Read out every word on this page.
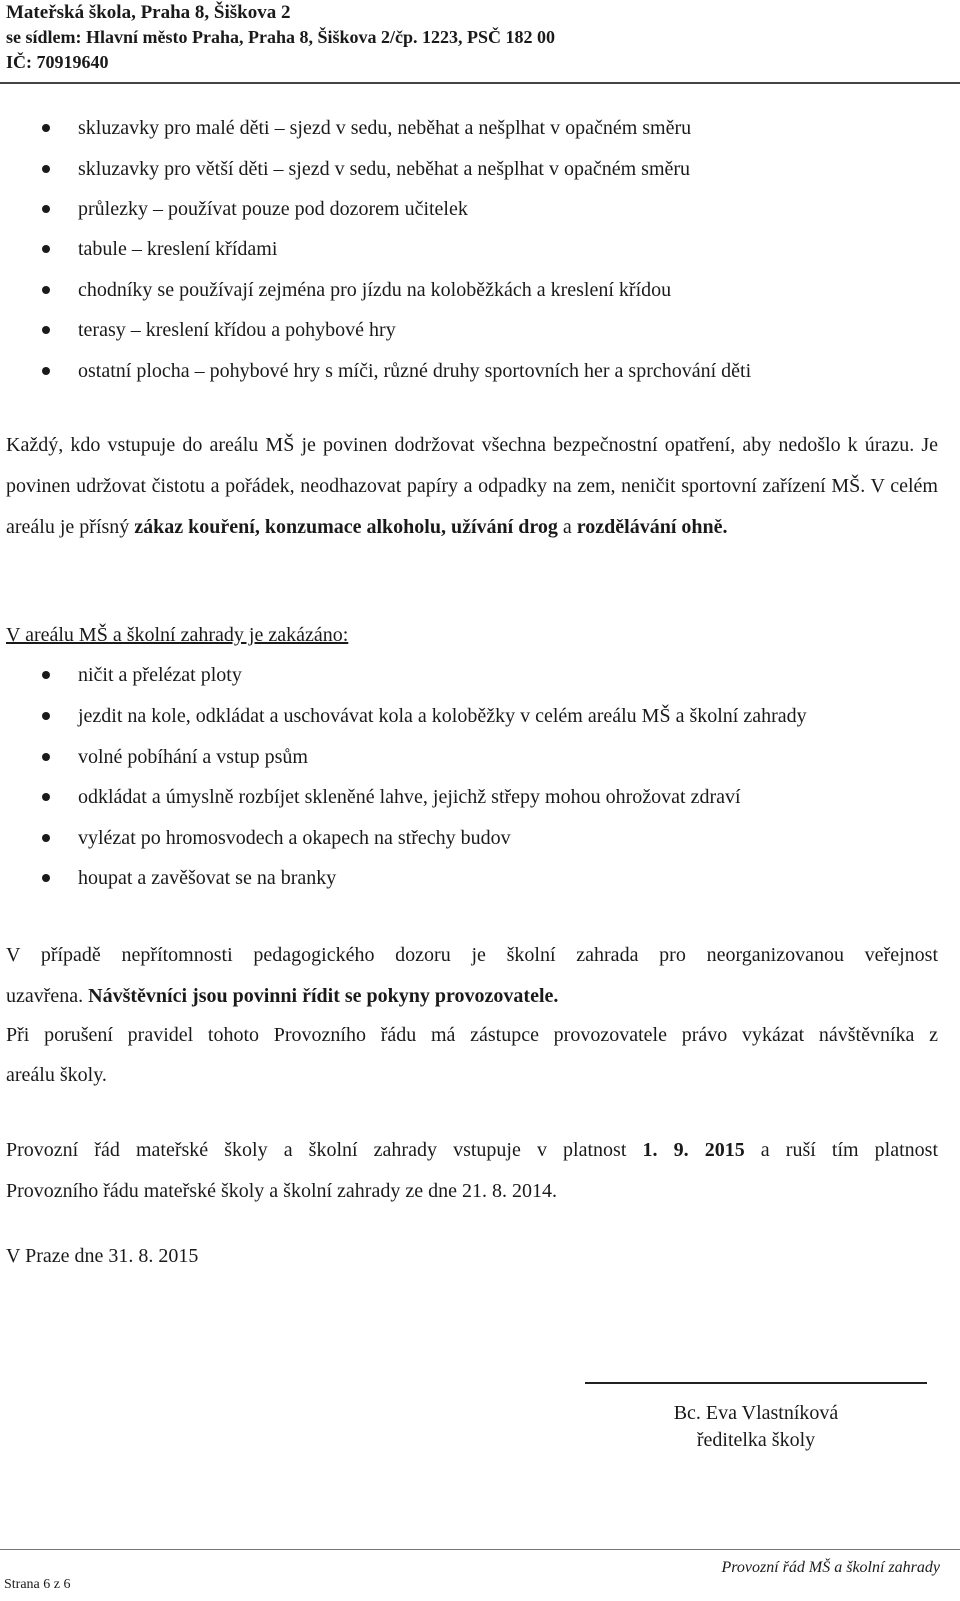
Mateřská škola, Praha 8, Šiškova 2
se sídlem: Hlavní město Praha, Praha 8, Šiškova 2/čp. 1223, PSČ 182 00
IČ: 70919640
skluzavky pro malé děti – sjezd v sedu, neběhat a nešplhat v opačném směru
skluzavky pro větší děti – sjezd v sedu, neběhat a nešplhat v opačném směru
průlezky – používat pouze pod dozorem učitelek
tabule – kreslení křídami
chodníky se používají zejména pro jízdu na koloběžkách a kreslení křídou
terasy – kreslení křídou a pohybové hry
ostatní plocha – pohybové hry s míči, různé druhy sportovních her a sprchování děti
Každý, kdo vstupuje do areálu MŠ je povinen dodržovat všechna bezpečnostní opatření, aby nedošlo k úrazu. Je povinen udržovat čistotu a pořádek, neodhazovat papíry a odpadky na zem, neničit sportovní zařízení MŠ. V celém areálu je přísný zákaz kouření, konzumace alkoholu, užívání drog a rozdělávání ohně.
V areálu MŠ a školní zahrady je zakázáno:
ničit a přelézat ploty
jezdit na kole, odkládat a uschovávat kola a koloběžky v celém areálu MŠ a školní zahrady
volné pobíhání a vstup psům
odkládat a úmyslně rozbíjet skleněné lahve, jejichž střepy mohou ohrožovat zdraví
vylézat po hromosvodech a okapech na střechy budov
houpat a zavěšovat se na branky
V případě nepřítomnosti pedagogického dozoru je školní zahrada pro neorganizovanou veřejnost
uzavřena. Návštěvníci jsou povinni řídit se pokyny provozovatele.
Při porušení pravidel tohoto Provozního řádu má zástupce provozovatele právo vykázat návštěvníka z
areálu školy.
Provozní řád mateřské školy a školní zahrady vstupuje v platnost 1. 9. 2015 a ruší tím platnost
Provozního řádu mateřské školy a školní zahrady ze dne 21. 8. 2014.
V Praze dne 31. 8. 2015
Bc. Eva Vlastníková
ředitelka školy
Provozní řád MŠ a školní zahrady
Strana 6 z 6
